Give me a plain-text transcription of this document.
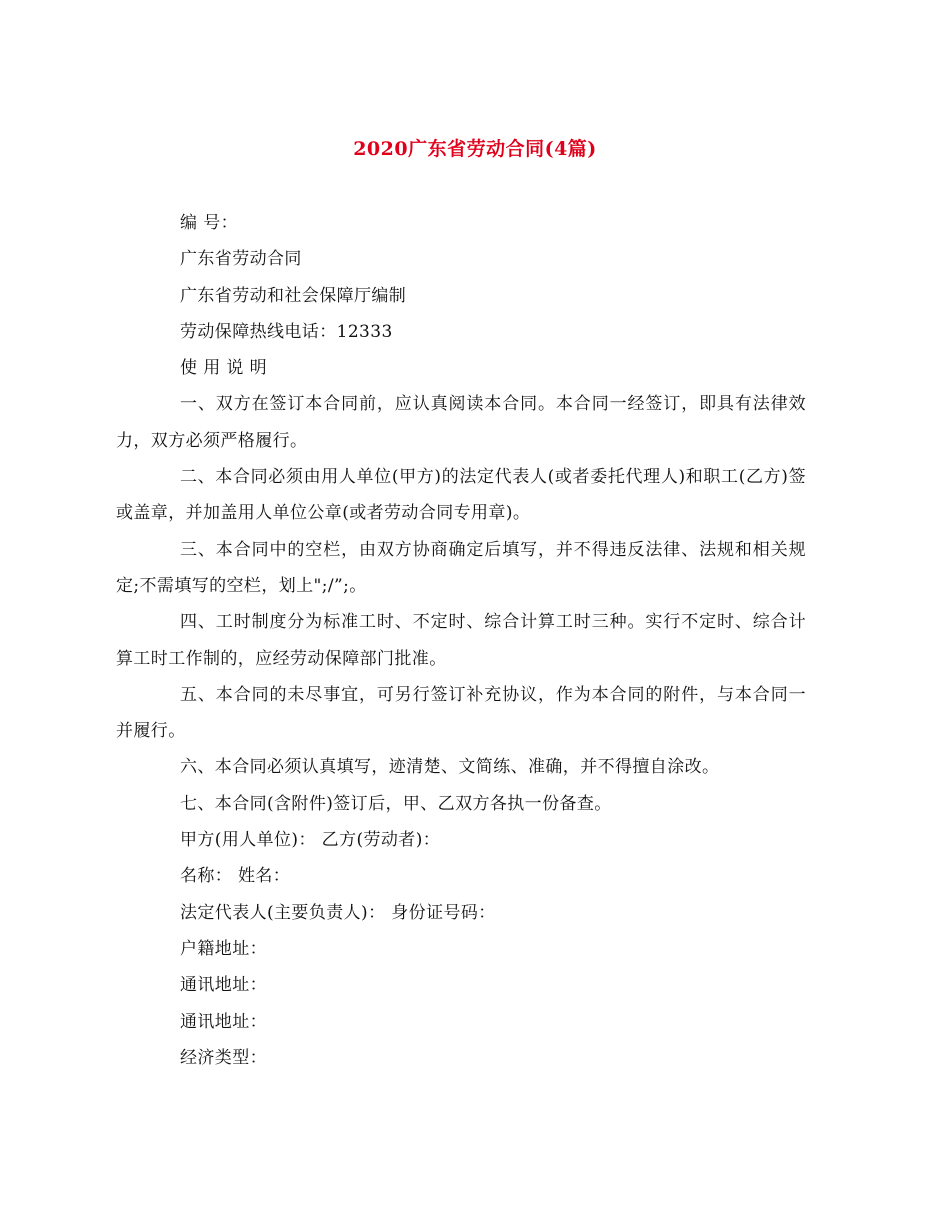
2020广东省劳动合同(4篇)
编 号：
广东省劳动合同
广东省劳动和社会保障厅编制
劳动保障热线电话：12333
使 用 说 明
一、双方在签订本合同前，应认真阅读本合同。本合同一经签订，即具有法律效力，双方必须严格履行。
二、本合同必须由用人单位(甲方)的法定代表人(或者委托代理人)和职工(乙方)签或盖章，并加盖用人单位公章(或者劳动合同专用章)。
三、本合同中的空栏，由双方协商确定后填写，并不得违反法律、法规和相关规定;不需填写的空栏，划上";/”;。
四、工时制度分为标准工时、不定时、综合计算工时三种。实行不定时、综合计算工时工作制的，应经劳动保障部门批准。
五、本合同的未尽事宜，可另行签订补充协议，作为本合同的附件，与本合同一并履行。
六、本合同必须认真填写，迹清楚、文简练、准确，并不得擅自涂改。
七、本合同(含附件)签订后，甲、乙双方各执一份备查。
甲方(用人单位)： 乙方(劳动者)：
名称： 姓名：
法定代表人(主要负责人)： 身份证号码：
户籍地址：
通讯地址：
通讯地址：
经济类型：
